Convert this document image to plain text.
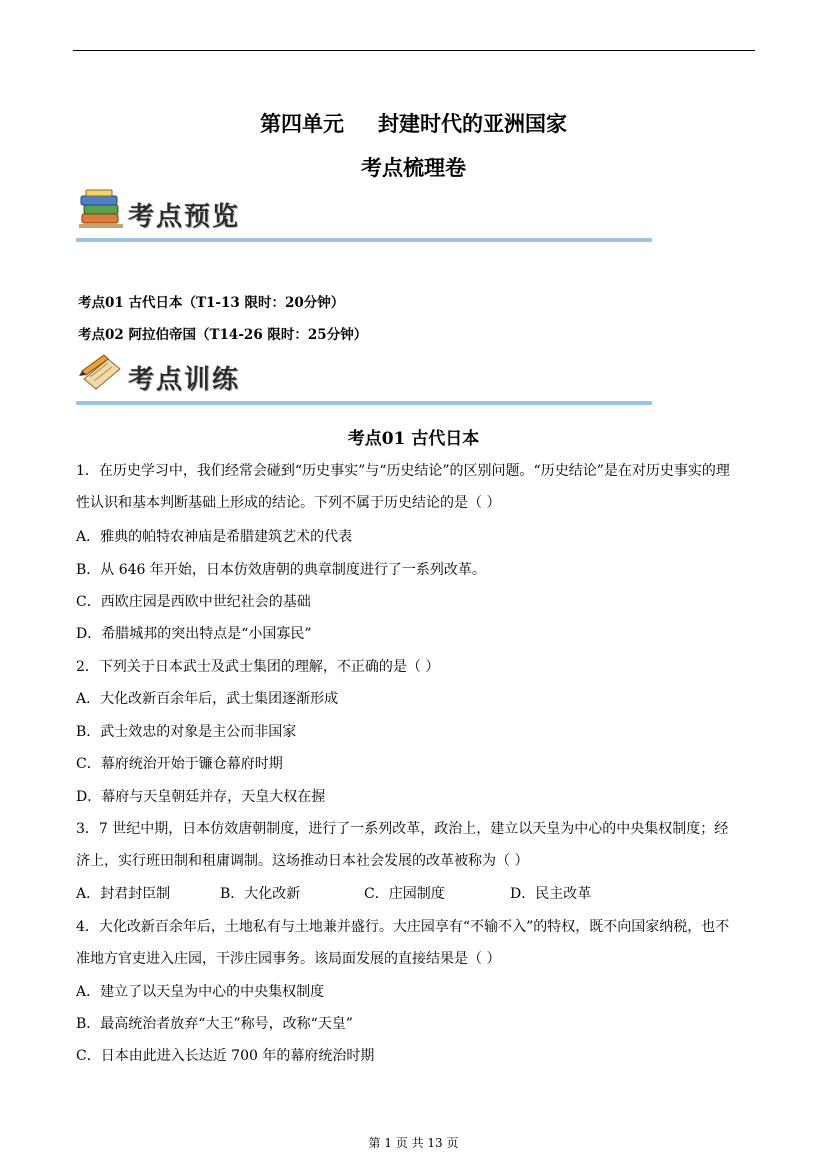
第四单元 封建时代的亚洲国家
考点梳理卷
考点预览
考点01 古代日本（T1-13 限时：20分钟）
考点02 阿拉伯帝国（T14-26 限时：25分钟）
考点训练
考点01 古代日本
1．在历史学习中，我们经常会碰到“历史事实”与“历史结论”的区别问题。“历史结论”是在对历史事实的理
性认识和基本判断基础上形成的结论。下列不属于历史结论的是（ ）
A．雅典的帕特农神庙是希腊建筑艺术的代表
B．从 646 年开始，日本仿效唐朝的典章制度进行了一系列改革。
C．西欧庄园是西欧中世纪社会的基础
D．希腊城邦的突出特点是“小国寡民”
2．下列关于日本武士及武士集团的理解，不正确的是（ ）
A．大化改新百余年后，武士集团逐渐形成
B．武士效忠的对象是主公而非国家
C．幕府统治开始于镰仓幕府时期
D．幕府与天皇朝廷并存，天皇大权在握
3．7 世纪中期，日本仿效唐朝制度，进行了一系列改革，政治上，建立以天皇为中心的中央集权制度；经
济上，实行班田制和租庸调制。这场推动日本社会发展的改革被称为（ ）
A．封君封臣制	B．大化改新	C．庄园制度	D．民主改革
4．大化改新百余年后，土地私有与土地兼并盛行。大庄园享有“不输不入”的特权，既不向国家纳税，也不
准地方官吏进入庄园，干涉庄园事务。该局面发展的直接结果是（ ）
A．建立了以天皇为中心的中央集权制度
B．最高统治者放弃“大王”称号，改称“天皇”
C．日本由此进入长达近 700 年的幕府统治时期
第 1 页 共 13 页
